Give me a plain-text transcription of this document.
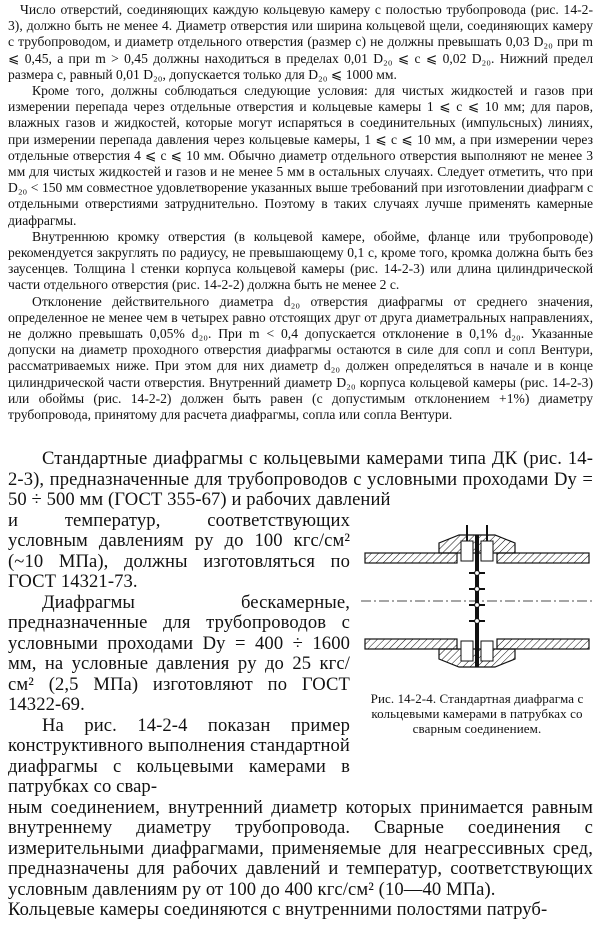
Число отверстий, соединяющих каждую кольцевую камеру с полостью трубопровода (рис. 14-2-3), должно быть не менее 4. Диаметр отверстия или ширина кольцевой щели, соединяющих камеру с трубопроводом, и диаметр отдельного отверстия (размер c) не должны превышать 0,03 D₂₀ при m ⩽ 0,45, а при m > 0,45 должны находиться в пределах 0,01 D₂₀ ⩽ c ⩽ 0,02 D₂₀. Нижний предел размера c, равный 0,01 D₂₀, допускается только для D₂₀ ⩽ 1000 мм.

Кроме того, должны соблюдаться следующие условия: для чистых жидкостей и газов при измерении перепада через отдельные отверстия и кольцевые камеры 1 ⩽ c ⩽ 10 мм; для паров, влажных газов и жидкостей, которые могут испаряться в соединительных (импульсных) линиях, при измерении перепада давления через кольцевые камеры, 1 ⩽ c ⩽ 10 мм, а при измерении через отдельные отверстия 4 ⩽ c ⩽ 10 мм. Обычно диаметр отдельного отверстия выполняют не менее 3 мм для чистых жидкостей и газов и не менее 5 мм в остальных случаях. Следует отметить, что при D₂₀ < 150 мм совместное удовлетворение указанных выше требований при изготовлении диафрагм с отдельными отверстиями затруднительно. Поэтому в таких случаях лучше применять камерные диафрагмы.

Внутреннюю кромку отверстия (в кольцевой камере, обойме, фланце или трубопроводе) рекомендуется закруглять по радиусу, не превышающему 0,1 c, кроме того, кромка должна быть без заусенцев. Толщина l стенки корпуса кольцевой камеры (рис. 14-2-3) или длина цилиндрической части отдельного отверстия (рис. 14-2-2) должна быть не менее 2 c.

Отклонение действительного диаметра d₂₀ отверстия диафрагмы от среднего значения, определенное не менее чем в четырех равно отстоящих друг от друга диаметральных направлениях, не должно превышать 0,05% d₂₀. При m < 0,4 допускается отклонение в 0,1% d₂₀. Указанные допуски на диаметр проходного отверстия диафрагмы остаются в силе для сопл и сопл Вентури, рассматриваемых ниже. При этом для них диаметр d₂₀ должен определяться в начале и в конце цилиндрической части отверстия. Внутренний диаметр D₂₀ корпуса кольцевой камеры (рис. 14-2-3) или обоймы (рис. 14-2-2) должен быть равен (с допустимым отклонением +1%) диаметру трубопровода, принятому для расчета диафрагмы, сопла или сопла Вентури.

Стандартные диафрагмы с кольцевыми камерами типа ДК (рис. 14-2-3), предназначенные для трубопроводов с условными проходами Dу = 50 ÷ 500 мм (ГОСТ 355-67) и рабочих давлений

и температур, соответствующих условным давлениям pу до 100 кгс/см² (~10 МПа), должны изготовляться по ГОСТ 14321-73.

Диафрагмы бескамерные, предназначенные для трубопроводов с условными проходами Dу = 400 ÷ 1600 мм, на условные давления pу до 25 кгс/см² (2,5 МПа) изготовляют по ГОСТ 14322-69.

На рис. 14-2-4 показан пример конструктивного выполнения стандартной диафрагмы с кольцевыми камерами в патрубках со свар-

Рис. 14-2-4. Стандартная диафрагма с кольцевыми камерами в патрубках со сварным соединением.

ным соединением, внутренний диаметр которых принимается равным внутреннему диаметру трубопровода. Сварные соединения с измерительными диафрагмами, применяемые для неагрессивных сред, предназначены для рабочих давлений и температур, соответствующих условным давлениям pу от 100 до 400 кгс/см² (10—40 МПа).

Кольцевые камеры соединяются с внутренними полостями патруб-
